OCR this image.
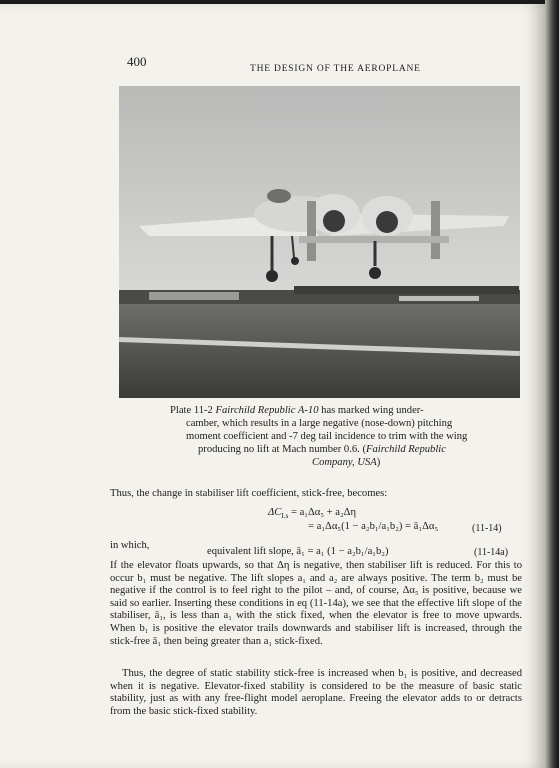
400	THE DESIGN OF THE AEROPLANE
Plate 11-2 Fairchild Republic A-10 has marked wing under-
camber, which results in a large negative (nose-down) pitching
moment coefficient and -7 deg tail incidence to trim with the wing
producing no lift at Mach number 0.6. (Fairchild Republic
Company, USA)
Thus, the change in stabiliser lift coefficient, stick-free, becomes:
$\Delta C_{Ls} = a_1\Delta\alpha_5 + a_2\Delta\eta$
= a₁Δα₅(1 − a₂b₁/a₁b₂) = ā₁Δα₅	(11-14)
in which,
equivalent lift slope, ā₁ = a₁ (1 − a₂b₁/a₁b₂)	(11-14a)
If the elevator floats upwards, so that Δη is negative, then stabiliser lift is reduced. For this to occur b₁ must be negative. The lift slopes a₁ and a₂ are always positive. The term b₂ must be negative if the control is to feel right to the pilot – and, of course, Δα₅ is positive, because we said so earlier. Inserting these conditions in eq (11-14a), we see that the effective lift slope of the stabiliser, ā₁, is less than a₁ with the stick fixed, when the elevator is free to move upwards. When b₁ is positive the elevator trails downwards and stabiliser lift is increased, through the stick-free ā₁ then being greater than a₁ stick-fixed.
Thus, the degree of static stability stick-free is increased when b₁ is positive, and decreased when it is negative. Elevator-fixed stability is considered to be the measure of basic static stability, just as with any free-flight model aeroplane. Freeing the elevator adds to or detracts from the basic stick-fixed stability.
